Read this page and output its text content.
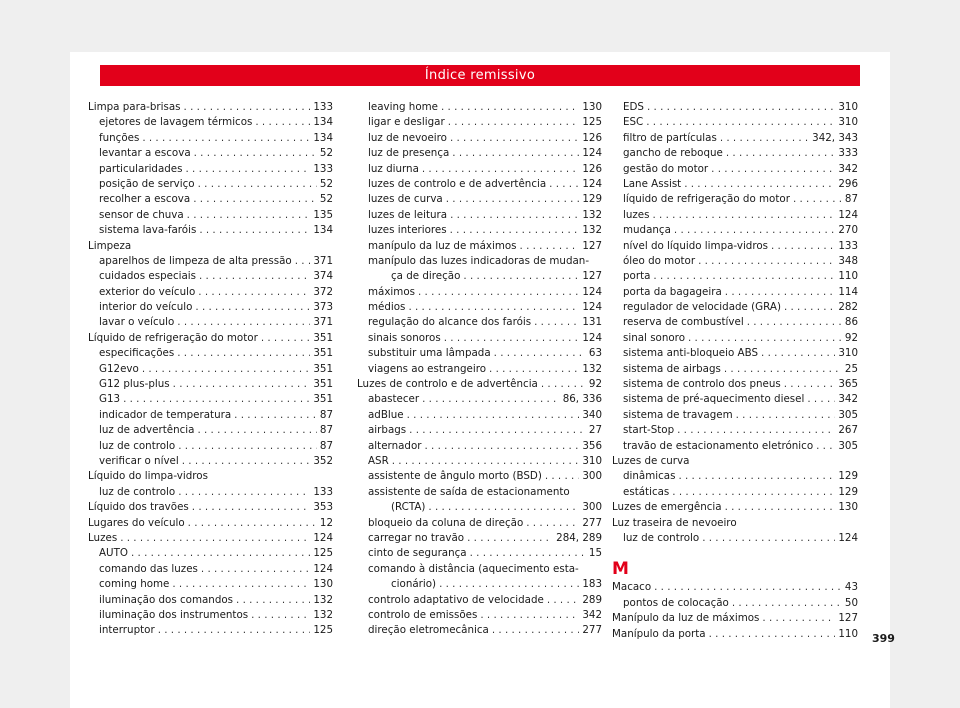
Índice remissivo
Limpa para-brisas . . .	133
ejetores de lavagem térmicos . . .	134
funções . . .	134
levantar a escova . . .	52
particularidades . . .	133
posição de serviço . . .	52
recolher a escova . . .	52
sensor de chuva . . .	135
sistema lava-faróis . . .	134
Limpeza
aparelhos de limpeza de alta pressão . . . 371
cuidados especiais . . .	374
exterior do veículo . . .	372
interior do veículo . . .	373
lavar o veículo . . .	371
Líquido de refrigeração do motor . . .	351
especificações . . .	351
G12evo . . .	351
G12 plus-plus . . .	351
G13 . . .	351
indicador de temperatura . . .	87
luz de advertência . . .	87
luz de controlo . . .	87
verificar o nível . . .	352
Líquido do limpa-vidros
luz de controlo . . .	133
Líquido dos travões . . .	353
Lugares do veículo . . .	12
Luzes . . .	124
AUTO . . .	125
comando das luzes . . .	124
coming home . . .	130
iluminação dos comandos . . .	132
iluminação dos instrumentos . . .	132
interruptor . . .	125
leaving home . . .	130
ligar e desligar . . .	125
luz de nevoeiro . . .	126
luz de presença . . .	124
luz diurna . . .	126
luzes de controlo e de advertência . . .	124
luzes de curva . . .	129
luzes de leitura . . .	132
luzes interiores . . .	132
manípulo da luz de máximos . . .	127
manípulo das luzes indicadoras de mudan-
ça de direção . . .	127
máximos . . .	124
médios . . .	124
regulação do alcance dos faróis . . .	131
sinais sonoros . . .	124
substituir uma lâmpada . . .	63
viagens ao estrangeiro . . .	132
Luzes de controlo e de advertência . . .	92
abastecer . . .	86, 336
adBlue . . .	340
airbags . . .	27
alternador . . .	356
ASR . . .	310
assistente de ângulo morto (BSD) . . .	300
assistente de saída de estacionamento
(RCTA) . . .	300
bloqueio da coluna de direção . . .	277
carregar no travão . . .	284, 289
cinto de segurança . . .	15
comando à distância (aquecimento esta-
cionário) . . .	183
controlo adaptativo de velocidade . . .	289
controlo de emissões . . .	342
direção eletromecânica . . .	277
EDS . . .	310
ESC . . .	310
filtro de partículas . . .	342, 343
gancho de reboque . . .	333
gestão do motor . . .	342
Lane Assist . . .	296
líquido de refrigeração do motor . . .	87
luzes . . .	124
mudança . . .	270
nível do líquido limpa-vidros . . .	133
óleo do motor . . .	348
porta . . .	110
porta da bagageira . . .	114
regulador de velocidade (GRA) . . .	282
reserva de combustível . . .	86
sinal sonoro . . .	92
sistema anti-bloqueio ABS . . .	310
sistema de airbags . . .	25
sistema de controlo dos pneus . . .	365
sistema de pré-aquecimento diesel . . .	342
sistema de travagem . . .	305
start-Stop . . .	267
travão de estacionamento eletrónico . . . 305
Luzes de curva
dinâmicas . . .	129
estáticas . . .	129
Luzes de emergência . . .	130
Luz traseira de nevoeiro
luz de controlo . . .	124
M
Macaco . . .	43
pontos de colocação . . .	50
Manípulo da luz de máximos . . .	127
Manípulo da porta . . .	110 399
